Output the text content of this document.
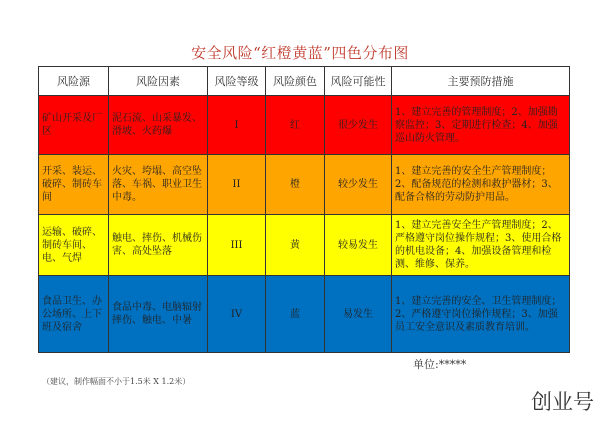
安全风险“红橙黄蓝”四色分布图
风险源	风险因素	风险等级	风险颜色	风险可能性	主要预防措施
矿山开采及厂区	泥石流、山采暴发、滑坡、火药爆	I	红	很少发生	1、建立完善的管理制度；2、加强勘察监控；3、定期进行检查；4、加强巡山防火管理。
开采、装运、破碎、制砖车间	火灾、垮塌、高空坠落、车祸、职业卫生中毒。	II	橙	较少发生	1、建立完善的安全生产管理制度；2、配备规范的检测和救护器材；3、配备合格的劳动防护用品。
运输、破碎、制砖车间、电、气焊	触电、摔伤、机械伤害、高处坠落	III	黄	较易发生	1、建立完善安全生产管理制度；2、严格遵守岗位操作规程；3、使用合格的机电设备；4、加强设备管理和检测、维修、保养。
食品卫生、办公场所、上下班及宿舍	食品中毒、电脑辐射摔伤、触电、中暑	IV	蓝	易发生	1、建立完善的安全、卫生管理制度；2、严格遵守岗位操作规程；3、加强员工安全意识及素质教育培训。
单位:*****
（建议，制作幅面不小于1.5米 X 1.2米）
创业号
